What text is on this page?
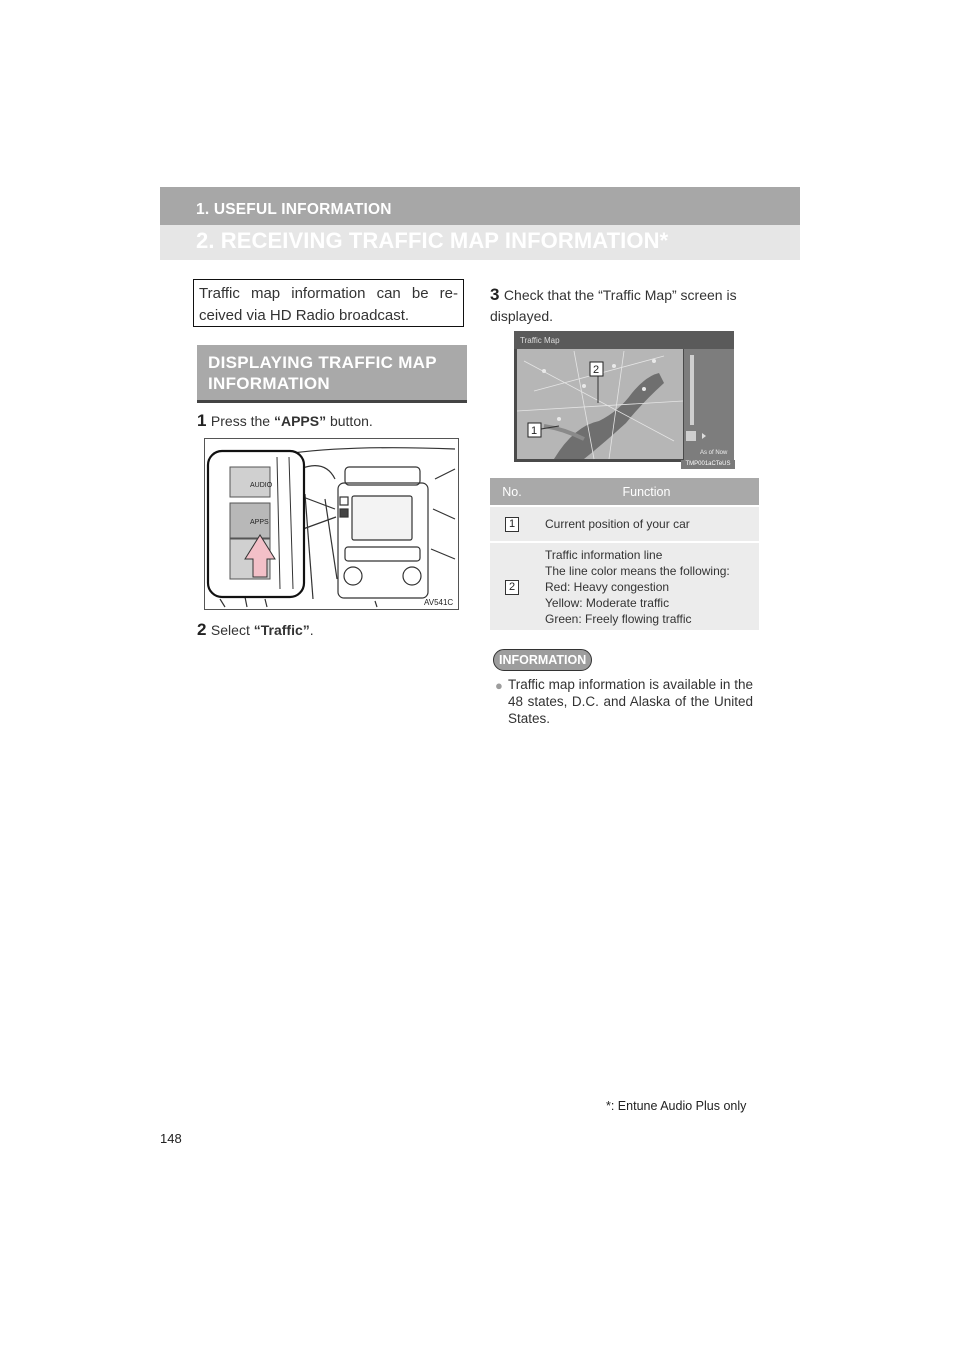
1. USEFUL INFORMATION
2. RECEIVING TRAFFIC MAP INFORMATION*
Traffic map information can be re-ceived via HD Radio broadcast.
DISPLAYING TRAFFIC MAP
INFORMATION
1 Press the “APPS” button.
AUDIO
APPS
AV541C
2 Select “Traffic”.
3 Check that the “Traffic Map” screen is displayed.
Traffic Map
As of Now
2
1
TMP001aCTeUS
No.	Function
1	Current position of your car
2	Traffic information line
The line color means the following:
Red: Heavy congestion
Yellow: Moderate traffic
Green: Freely flowing traffic
INFORMATION
● Traffic map information is available in the 48 states, D.C. and Alaska of the United States.
*: Entune Audio Plus only
148
